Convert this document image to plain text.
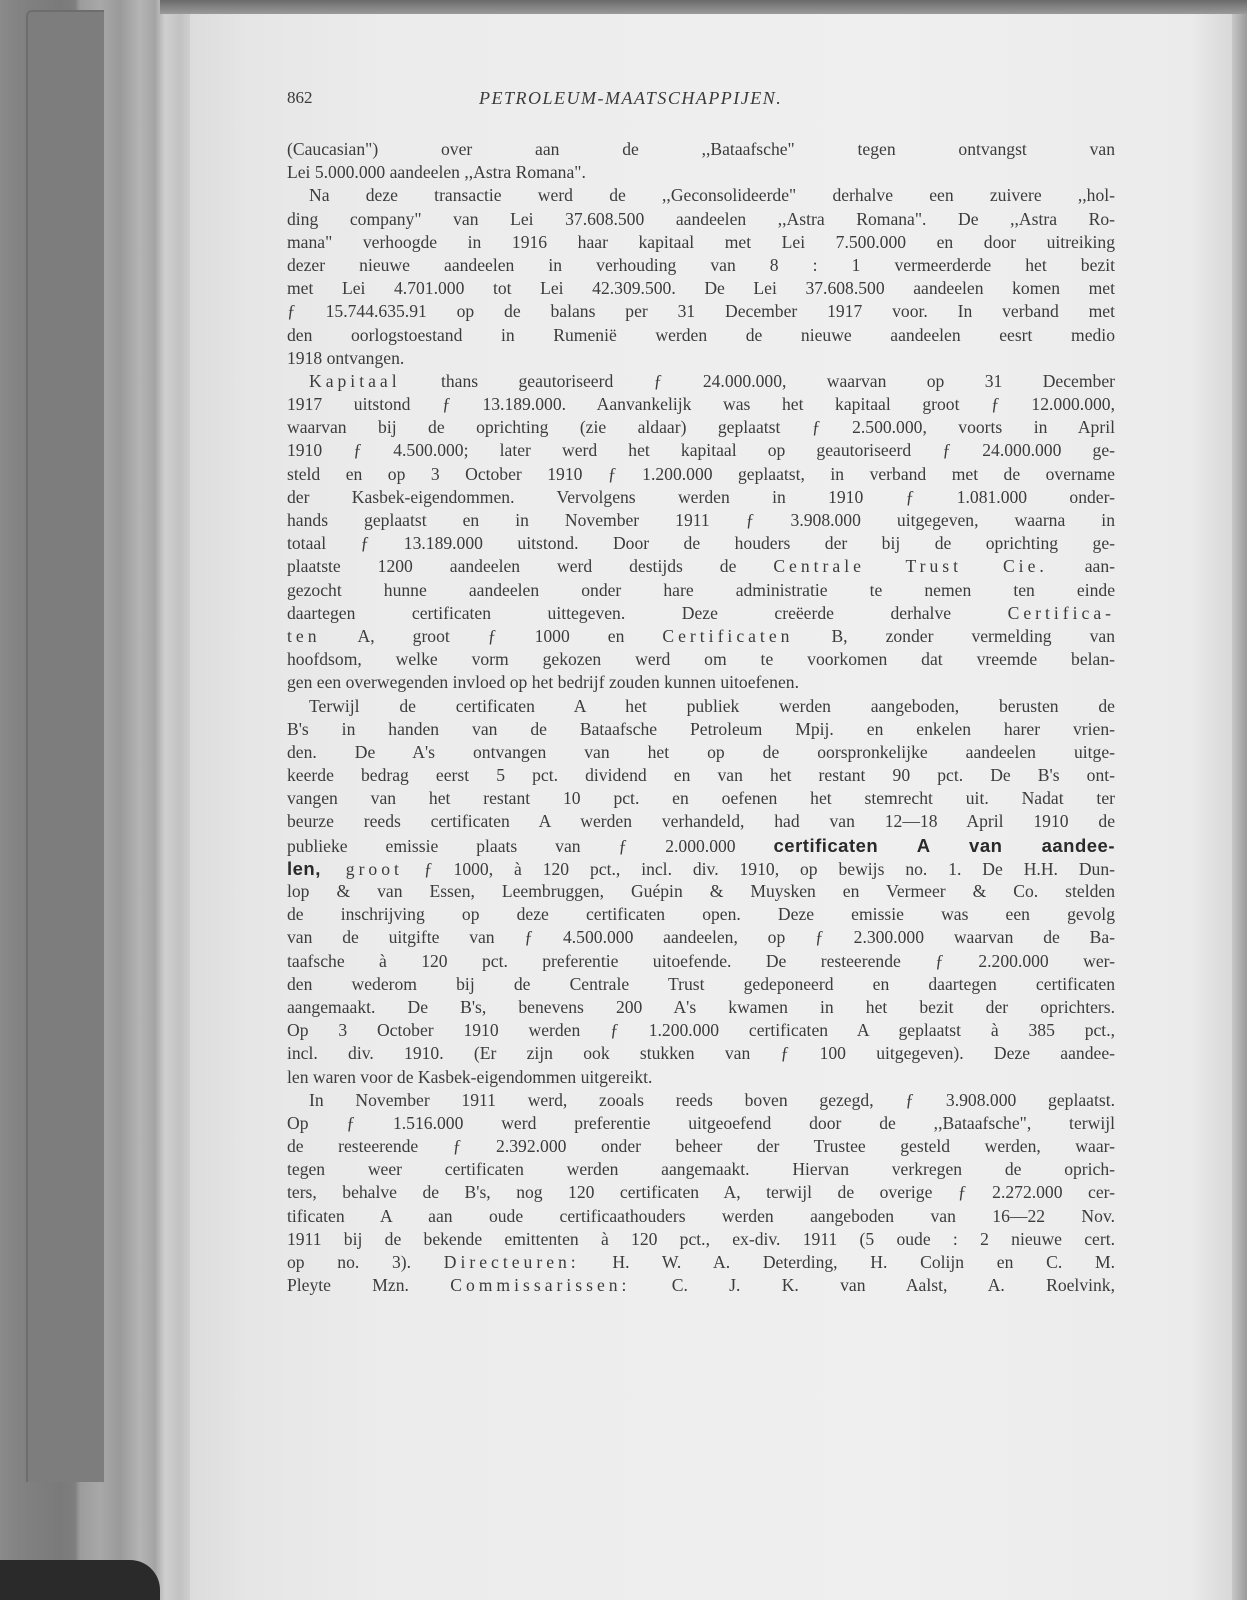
862	PETROLEUM-MAATSCHAPPIJEN.
(Caucasian") over aan de ,,Bataafsche" tegen ontvangst van
Lei 5.000.000 aandeelen ,,Astra Romana".
Na deze transactie werd de ,,Geconsolideerde" derhalve een zuivere ,,hol-
ding company" van Lei 37.608.500 aandeelen ,,Astra Romana". De ,,Astra Ro-
mana" verhoogde in 1916 haar kapitaal met Lei 7.500.000 en door uitreiking
dezer nieuwe aandeelen in verhouding van 8 : 1 vermeerderde het bezit
met Lei 4.701.000 tot Lei 42.309.500. De Lei 37.608.500 aandeelen komen met
ƒ 15.744.635.91 op de balans per 31 December 1917 voor. In verband met
den oorlogstoestand in Rumenië werden de nieuwe aandeelen eesrt medio
1918 ontvangen.
Kapitaal thans geautoriseerd ƒ 24.000.000, waarvan op 31 December
1917 uitstond ƒ 13.189.000. Aanvankelijk was het kapitaal groot ƒ 12.000.000,
waarvan bij de oprichting (zie aldaar) geplaatst ƒ 2.500.000, voorts in April
1910 ƒ 4.500.000; later werd het kapitaal op geautoriseerd ƒ 24.000.000 ge-
steld en op 3 October 1910 ƒ 1.200.000 geplaatst, in verband met de overname
der Kasbek-eigendommen. Vervolgens werden in 1910 ƒ 1.081.000 onder-
hands geplaatst en in November 1911 ƒ 3.908.000 uitgegeven, waarna in
totaal ƒ 13.189.000 uitstond. Door de houders der bij de oprichting ge-
plaatste 1200 aandeelen werd destijds de Centrale Trust Cie. aan-
gezocht hunne aandeelen onder hare administratie te nemen ten einde
daartegen certificaten uittegeven. Deze creëerde derhalve	Certifica-
ten A, groot ƒ 1000 en Certificaten B, zonder vermelding van
hoofdsom, welke vorm gekozen werd om te voorkomen dat vreemde belan-
gen een overwegenden invloed op het bedrijf zouden kunnen uitoefenen.
Terwijl de certificaten A het publiek werden aangeboden, berusten de
B's in handen van de Bataafsche Petroleum Mpij. en enkelen harer vrien-
den. De A's ontvangen van het op de oorspronkelijke aandeelen uitge-
keerde bedrag eerst 5 pct. dividend en van het restant 90 pct. De B's ont-
vangen van het restant 10 pct. en oefenen het stemrecht uit. Nadat ter
beurze reeds certificaten A werden verhandeld, had van 12—18 April 1910 de
publieke emissie plaats van ƒ 2.000.000 certificaten A van aandee-
len, groot ƒ 1000, à 120 pct., incl. div. 1910, op bewijs no. 1. De H.H. Dun-
lop & van Essen, Leembruggen, Guépin & Muysken en Vermeer & Co. stelden
de inschrijving op deze certificaten open. Deze emissie was een gevolg
van de uitgifte van ƒ 4.500.000 aandeelen, op ƒ 2.300.000 waarvan de Ba-
taafsche à 120 pct. preferentie uitoefende. De resteerende ƒ 2.200.000 wer-
den wederom bij de Centrale Trust gedeponeerd en daartegen certificaten
aangemaakt. De B's, benevens 200 A's kwamen in het bezit der oprichters.
Op 3 October 1910 werden ƒ 1.200.000 certificaten A geplaatst à 385 pct.,
incl. div. 1910. (Er zijn ook stukken van ƒ 100 uitgegeven). Deze aandee-
len waren voor de Kasbek-eigendommen uitgereikt.
In November 1911 werd, zooals reeds boven gezegd, ƒ 3.908.000 geplaatst.
Op ƒ 1.516.000 werd preferentie uitgeoefend door de ,,Bataafsche", terwijl
de resteerende ƒ 2.392.000 onder beheer der Trustee gesteld werden, waar-
tegen weer certificaten werden aangemaakt. Hiervan verkregen de oprich-
ters, behalve de B's, nog 120 certificaten A, terwijl de overige ƒ 2.272.000 cer-
tificaten A aan oude certificaathouders werden aangeboden van 16—22 Nov.
1911 bij de bekende emittenten à 120 pct., ex-div. 1911 (5 oude : 2 nieuwe cert.
op no. 3). Directeuren: H. W. A. Deterding, H. Colijn en C. M.
Pleyte Mzn. Commissarissen: C. J. K. van Aalst, A. Roelvink,
